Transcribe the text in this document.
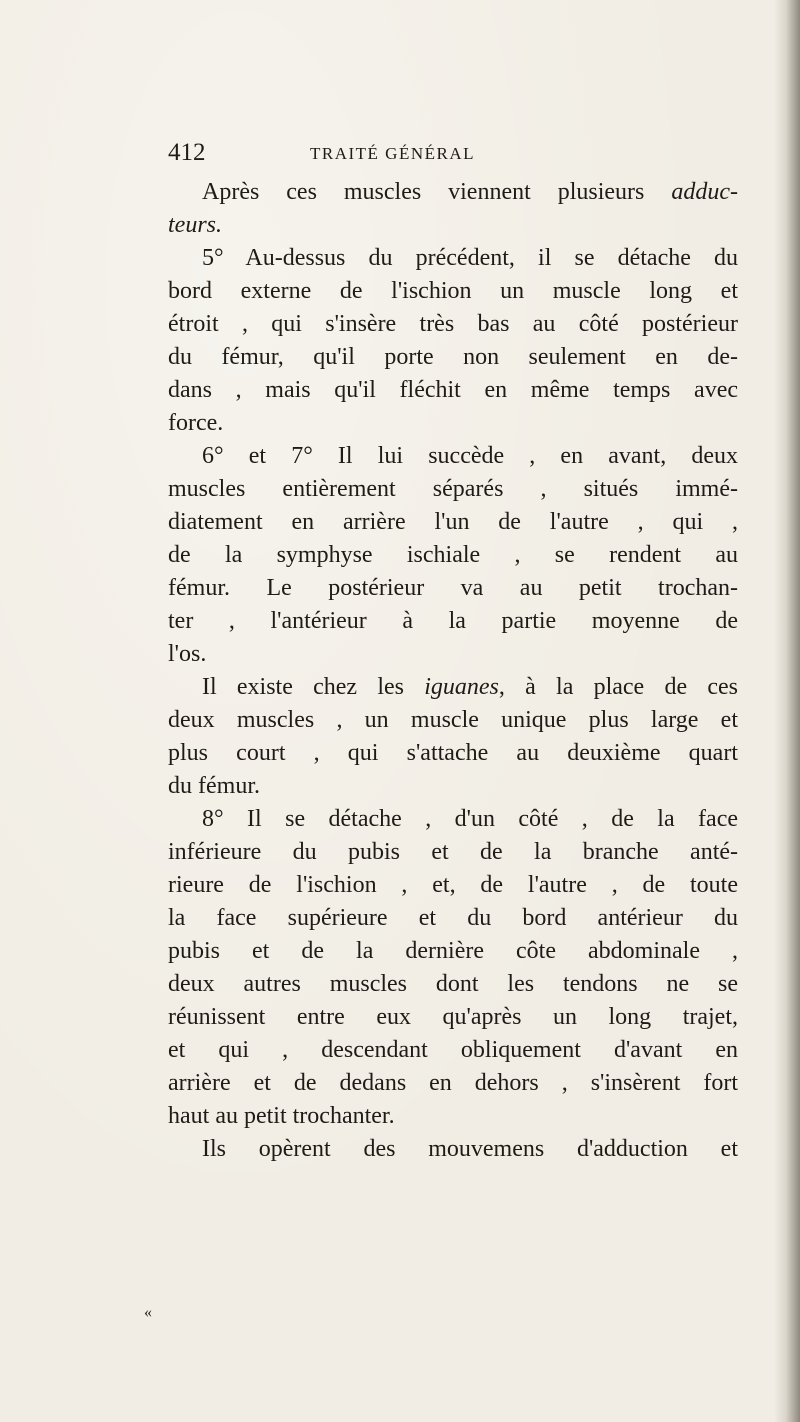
412	TRAITÉ GÉNÉRAL
Après ces muscles viennent plusieurs adduc-
teurs.
5° Au-dessus du précédent, il se détache du
bord externe de l'ischion un muscle long et
étroit , qui s'insère très bas au côté postérieur
du fémur, qu'il porte non seulement en de-
dans , mais qu'il fléchit en même temps avec
force.
6° et 7° Il lui succède , en avant, deux
muscles entièrement séparés , situés immé-
diatement en arrière l'un de l'autre , qui ,
de la symphyse ischiale , se rendent au
fémur. Le postérieur va au petit trochan-
ter , l'antérieur à la partie moyenne de
l'os.
Il existe chez les iguanes, à la place de ces
deux muscles , un muscle unique plus large et
plus court , qui s'attache au deuxième quart
du fémur.
8° Il se détache , d'un côté , de la face
inférieure du pubis et de la branche anté-
rieure de l'ischion , et, de l'autre , de toute
la face supérieure et du bord antérieur du
pubis et de la dernière côte abdominale ,
deux autres muscles dont les tendons ne se
réunissent entre eux qu'après un long trajet,
et qui , descendant obliquement d'avant en
arrière et de dedans en dehors , s'insèrent fort
haut au petit trochanter.
Ils opèrent des mouvemens d'adduction et
«
